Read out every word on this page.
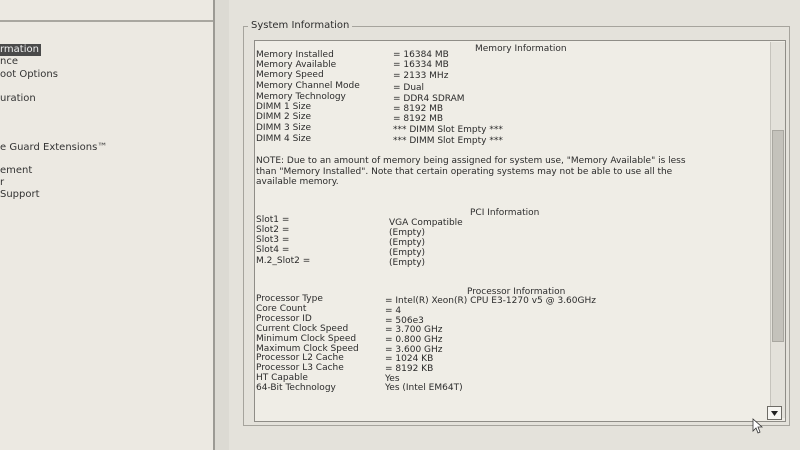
rmation
nce
oot Options
uration
e Guard Extensions™
ement
r
Support
System Information
Memory Information
Memory Installed	= 16384 MB
Memory Available	= 16334 MB
Memory Speed	= 2133 MHz
Memory Channel Mode	= Dual
Memory Technology	= DDR4 SDRAM
DIMM 1 Size	= 8192 MB
DIMM 2 Size	= 8192 MB
DIMM 3 Size	*** DIMM Slot Empty ***
DIMM 4 Size	*** DIMM Slot Empty ***
NOTE: Due to an amount of memory being assigned for system use, "Memory Available" is less
than "Memory Installed". Note that certain operating systems may not be able to use all the
available memory.
PCI Information
Slot1 =	VGA Compatible
Slot2 =	(Empty)
Slot3 =	(Empty)
Slot4 =	(Empty)
M.2_Slot2 =	(Empty)
Processor Information
Processor Type	= Intel(R) Xeon(R) CPU E3-1270 v5 @ 3.60GHz
Core Count	= 4
Processor ID	= 506e3
Current Clock Speed	= 3.700 GHz
Minimum Clock Speed	= 0.800 GHz
Maximum Clock Speed	= 3.600 GHz
Processor L2 Cache	= 1024 KB
Processor L3 Cache	= 8192 KB
HT Capable	Yes
64-Bit Technology	Yes (Intel EM64T)
